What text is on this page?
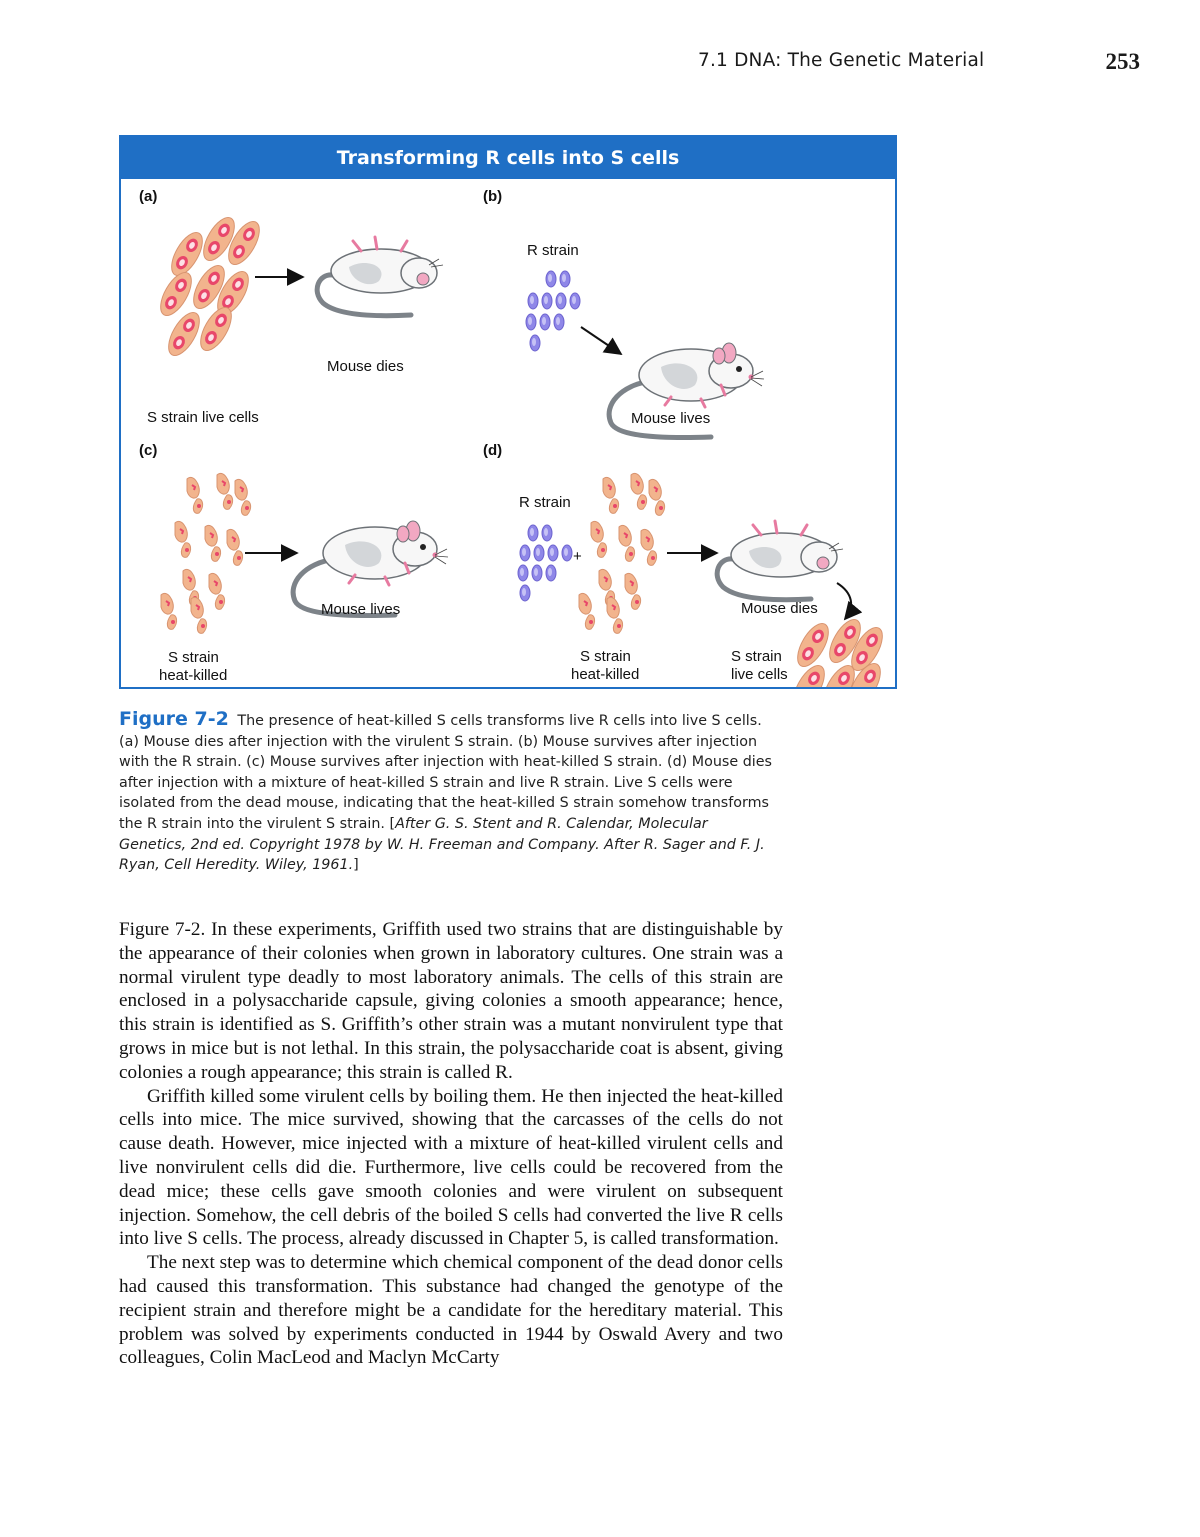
7.1 DNA: The Genetic Material	253
Transforming R cells into S cells
(a)
Mouse dies
S strain live cells
(b)
R strain
Mouse lives
(c)
Mouse lives
S strain
heat-killed
(d)
R strain
+
Mouse dies
S strain
heat-killed
S strain
live cells
Figure 7-2 The presence of heat-killed S cells transforms live R cells into live S cells. (a) Mouse dies after injection with the virulent S strain. (b) Mouse survives after injection with the R strain. (c) Mouse survives after injection with heat-killed S strain. (d) Mouse dies after injection with a mixture of heat-killed S strain and live R strain. Live S cells were isolated from the dead mouse, indicating that the heat-killed S strain somehow transforms the R strain into the virulent S strain. [After G. S. Stent and R. Calendar, Molecular Genetics, 2nd ed. Copyright 1978 by W. H. Freeman and Company. After R. Sager and F. J. Ryan, Cell Heredity. Wiley, 1961.]

Figure 7-2. In these experiments, Griffith used two strains that are distinguishable by the appearance of their colonies when grown in laboratory cultures. One strain was a normal virulent type deadly to most laboratory animals. The cells of this strain are enclosed in a polysaccharide capsule, giving colonies a smooth appearance; hence, this strain is identified as S. Griffith’s other strain was a mutant nonvirulent type that grows in mice but is not lethal. In this strain, the polysaccharide coat is absent, giving colonies a rough appearance; this strain is called R.

Griffith killed some virulent cells by boiling them. He then injected the heat-killed cells into mice. The mice survived, showing that the carcasses of the cells do not cause death. However, mice injected with a mixture of heat-killed virulent cells and live nonvirulent cells did die. Furthermore, live cells could be recovered from the dead mice; these cells gave smooth colonies and were virulent on subsequent injection. Somehow, the cell debris of the boiled S cells had converted the live R cells into live S cells. The process, already discussed in Chapter 5, is called transformation.

The next step was to determine which chemical component of the dead donor cells had caused this transformation. This substance had changed the genotype of the recipient strain and therefore might be a candidate for the hereditary material. This problem was solved by experiments conducted in 1944 by Oswald Avery and two colleagues, Colin MacLeod and Maclyn McCarty
